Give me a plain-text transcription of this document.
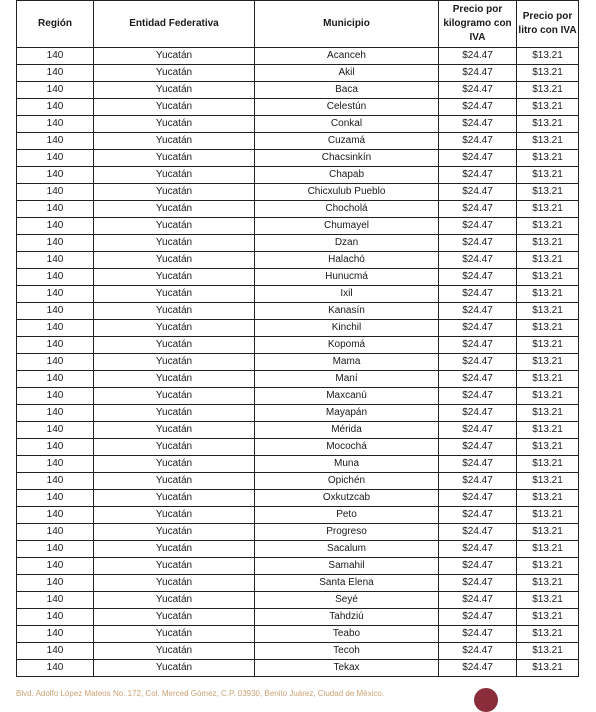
Región	Entidad Federativa	Municipio	Precio por kilogramo con IVA	Precio por litro con IVA
140	Yucatán	Acanceh	$24.47	$13.21
140	Yucatán	Akil	$24.47	$13.21
140	Yucatán	Baca	$24.47	$13.21
140	Yucatán	Celestún	$24.47	$13.21
140	Yucatán	Conkal	$24.47	$13.21
140	Yucatán	Cuzamá	$24.47	$13.21
140	Yucatán	Chacsinkín	$24.47	$13.21
140	Yucatán	Chapab	$24.47	$13.21
140	Yucatán	Chicxulub Pueblo	$24.47	$13.21
140	Yucatán	Chocholá	$24.47	$13.21
140	Yucatán	Chumayel	$24.47	$13.21
140	Yucatán	Dzan	$24.47	$13.21
140	Yucatán	Halachó	$24.47	$13.21
140	Yucatán	Hunucmá	$24.47	$13.21
140	Yucatán	Ixil	$24.47	$13.21
140	Yucatán	Kanasín	$24.47	$13.21
140	Yucatán	Kinchil	$24.47	$13.21
140	Yucatán	Kopomá	$24.47	$13.21
140	Yucatán	Mama	$24.47	$13.21
140	Yucatán	Maní	$24.47	$13.21
140	Yucatán	Maxcanú	$24.47	$13.21
140	Yucatán	Mayapán	$24.47	$13.21
140	Yucatán	Mérida	$24.47	$13.21
140	Yucatán	Mocochá	$24.47	$13.21
140	Yucatán	Muna	$24.47	$13.21
140	Yucatán	Opichén	$24.47	$13.21
140	Yucatán	Oxkutzcab	$24.47	$13.21
140	Yucatán	Peto	$24.47	$13.21
140	Yucatán	Progreso	$24.47	$13.21
140	Yucatán	Sacalum	$24.47	$13.21
140	Yucatán	Samahil	$24.47	$13.21
140	Yucatán	Santa Elena	$24.47	$13.21
140	Yucatán	Seyé	$24.47	$13.21
140	Yucatán	Tahdziú	$24.47	$13.21
140	Yucatán	Teabo	$24.47	$13.21
140	Yucatán	Tecoh	$24.47	$13.21
140	Yucatán	Tekax	$24.47	$13.21
Blvd. Adolfo López Mateos No. 172, Col. Merced Gómez, C.P. 03930, Benito Juárez, Ciudad de México.
